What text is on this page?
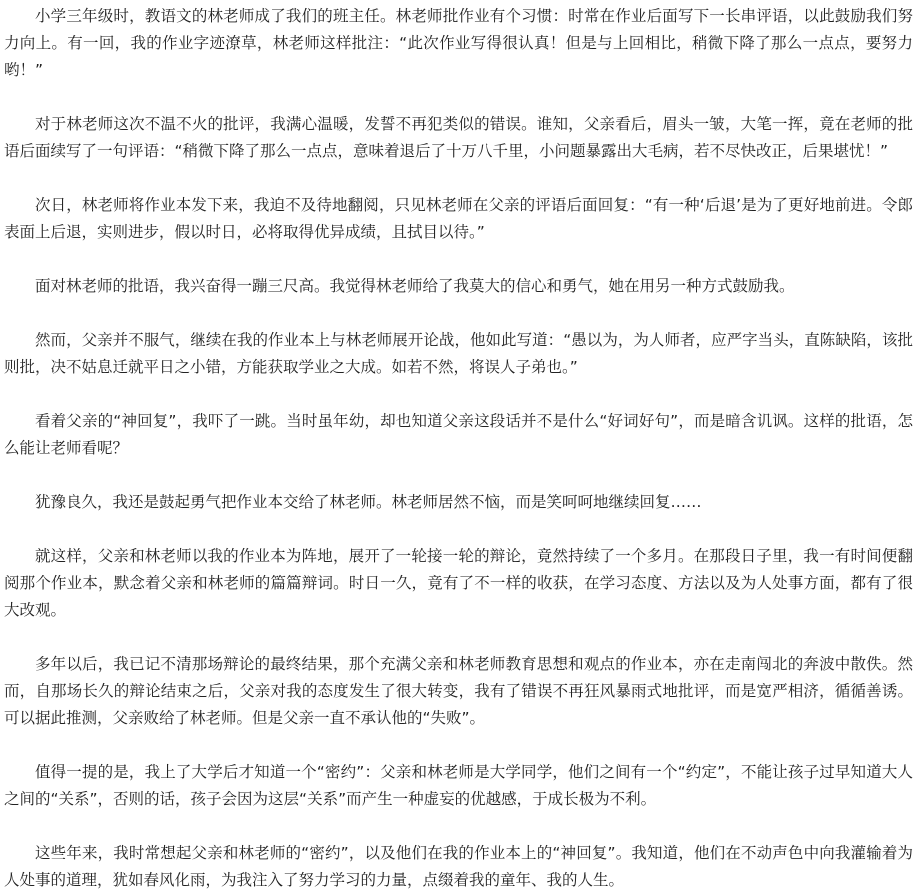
小学三年级时，教语文的林老师成了我们的班主任。林老师批作业有个习惯：时常在作业后面写下一长串评语，以此鼓励我们努力向上。有一回，我的作业字迹潦草，林老师这样批注：“此次作业写得很认真！但是与上回相比，稍微下降了那么一点点，要努力哟！”

对于林老师这次不温不火的批评，我满心温暖，发誓不再犯类似的错误。谁知，父亲看后，眉头一皱，大笔一挥，竟在老师的批语后面续写了一句评语：“稍微下降了那么一点点，意味着退后了十万八千里，小问题暴露出大毛病，若不尽快改正，后果堪忧！”

次日，林老师将作业本发下来，我迫不及待地翻阅，只见林老师在父亲的评语后面回复：“有一种‘后退’是为了更好地前进。令郎表面上后退，实则进步，假以时日，必将取得优异成绩，且拭目以待。”

面对林老师的批语，我兴奋得一蹦三尺高。我觉得林老师给了我莫大的信心和勇气，她在用另一种方式鼓励我。

然而，父亲并不服气，继续在我的作业本上与林老师展开论战，他如此写道：“愚以为，为人师者，应严字当头，直陈缺陷，该批则批，决不姑息迁就平日之小错，方能获取学业之大成。如若不然，将误人子弟也。”

看着父亲的“神回复”，我吓了一跳。当时虽年幼，却也知道父亲这段话并不是什么“好词好句”，而是暗含讥讽。这样的批语，怎么能让老师看呢？

犹豫良久，我还是鼓起勇气把作业本交给了林老师。林老师居然不恼，而是笑呵呵地继续回复……

就这样，父亲和林老师以我的作业本为阵地，展开了一轮接一轮的辩论，竟然持续了一个多月。在那段日子里，我一有时间便翻阅那个作业本，默念着父亲和林老师的篇篇辩词。时日一久，竟有了不一样的收获，在学习态度、方法以及为人处事方面，都有了很大改观。

多年以后，我已记不清那场辩论的最终结果，那个充满父亲和林老师教育思想和观点的作业本，亦在走南闯北的奔波中散佚。然而，自那场长久的辩论结束之后，父亲对我的态度发生了很大转变，我有了错误不再狂风暴雨式地批评，而是宽严相济，循循善诱。可以据此推测，父亲败给了林老师。但是父亲一直不承认他的“失败”。

值得一提的是，我上了大学后才知道一个“密约”：父亲和林老师是大学同学，他们之间有一个“约定”，不能让孩子过早知道大人之间的“关系”，否则的话，孩子会因为这层“关系”而产生一种虚妄的优越感，于成长极为不利。

这些年来，我时常想起父亲和林老师的“密约”，以及他们在我的作业本上的“神回复”。我知道，他们在不动声色中向我灌输着为人处事的道理，犹如春风化雨，为我注入了努力学习的力量，点缀着我的童年、我的人生。
